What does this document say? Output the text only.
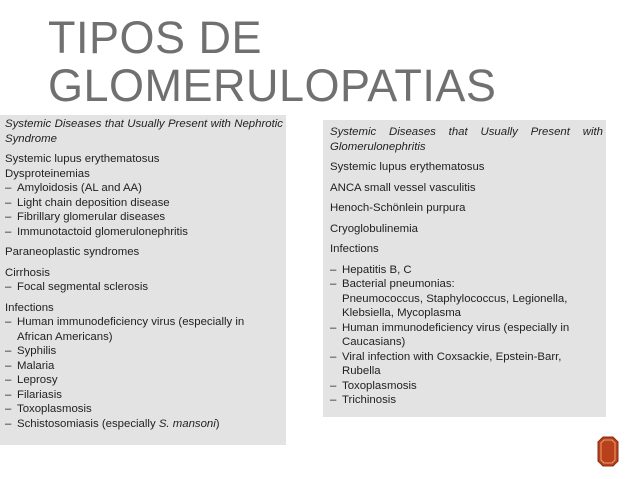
TIPOS DE
GLOMERULOPATIAS
Systemic Diseases that Usually Present with Nephrotic Syndrome
Systemic lupus erythematosus
Dysproteinemias
– Amyloidosis (AL and AA)
– Light chain deposition disease
– Fibrillary glomerular diseases
– Immunotactoid glomerulonephritis
Paraneoplastic syndromes
Cirrhosis
– Focal segmental sclerosis
Infections
– Human immunodeficiency virus (especially in
African Americans)
– Syphilis
– Malaria
– Leprosy
– Filariasis
– Toxoplasmosis
– Schistosomiasis (especially S. mansoni)
Systemic Diseases that Usually Present with Glomerulonephritis
Systemic lupus erythematosus
ANCA small vessel vasculitis
Henoch-Schönlein purpura
Cryoglobulinemia
Infections
– Hepatitis B, C
– Bacterial pneumonias:
Pneumococcus, Staphylococcus, Legionella,
Klebsiella, Mycoplasma
– Human immunodeficiency virus (especially in
Caucasians)
– Viral infection with Coxsackie, Epstein-Barr,
Rubella
– Toxoplasmosis
– Trichinosis
